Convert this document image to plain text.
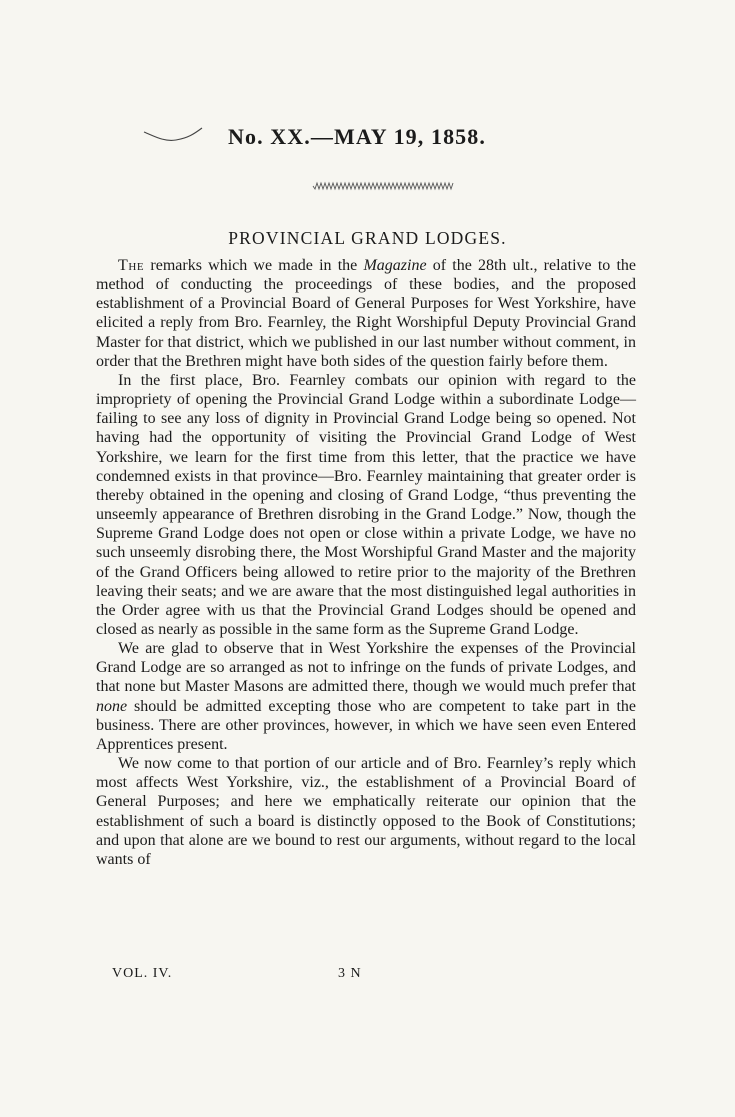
No. XX.—MAY 19, 1858.
PROVINCIAL GRAND LODGES.

The remarks which we made in the Magazine of the 28th ult., relative to the method of conducting the proceedings of these bodies, and the proposed establishment of a Provincial Board of General Purposes for West Yorkshire, have elicited a reply from Bro. Fearnley, the Right Worshipful Deputy Provincial Grand Master for that district, which we published in our last number without comment, in order that the Brethren might have both sides of the question fairly before them.

In the first place, Bro. Fearnley combats our opinion with regard to the impropriety of opening the Provincial Grand Lodge within a subordinate Lodge—failing to see any loss of dignity in Provincial Grand Lodge being so opened. Not having had the opportunity of visiting the Provincial Grand Lodge of West Yorkshire, we learn for the first time from this letter, that the practice we have condemned exists in that province—Bro. Fearnley maintaining that greater order is thereby obtained in the opening and closing of Grand Lodge, “thus preventing the unseemly appearance of Brethren disrobing in the Grand Lodge.” Now, though the Supreme Grand Lodge does not open or close within a private Lodge, we have no such unseemly disrobing there, the Most Worshipful Grand Master and the majority of the Grand Officers being allowed to retire prior to the majority of the Brethren leaving their seats; and we are aware that the most distinguished legal authorities in the Order agree with us that the Provincial Grand Lodges should be opened and closed as nearly as possible in the same form as the Supreme Grand Lodge.

We are glad to observe that in West Yorkshire the expenses of the Provincial Grand Lodge are so arranged as not to infringe on the funds of private Lodges, and that none but Master Masons are admitted there, though we would much prefer that none should be admitted excepting those who are competent to take part in the business. There are other provinces, however, in which we have seen even Entered Apprentices present.

We now come to that portion of our article and of Bro. Fearnley’s reply which most affects West Yorkshire, viz., the establishment of a Provincial Board of General Purposes; and here we emphatically reiterate our opinion that the establishment of such a board is distinctly opposed to the Book of Constitutions; and upon that alone are we bound to rest our arguments, without regard to the local wants of

VOL. IV.	3 N
